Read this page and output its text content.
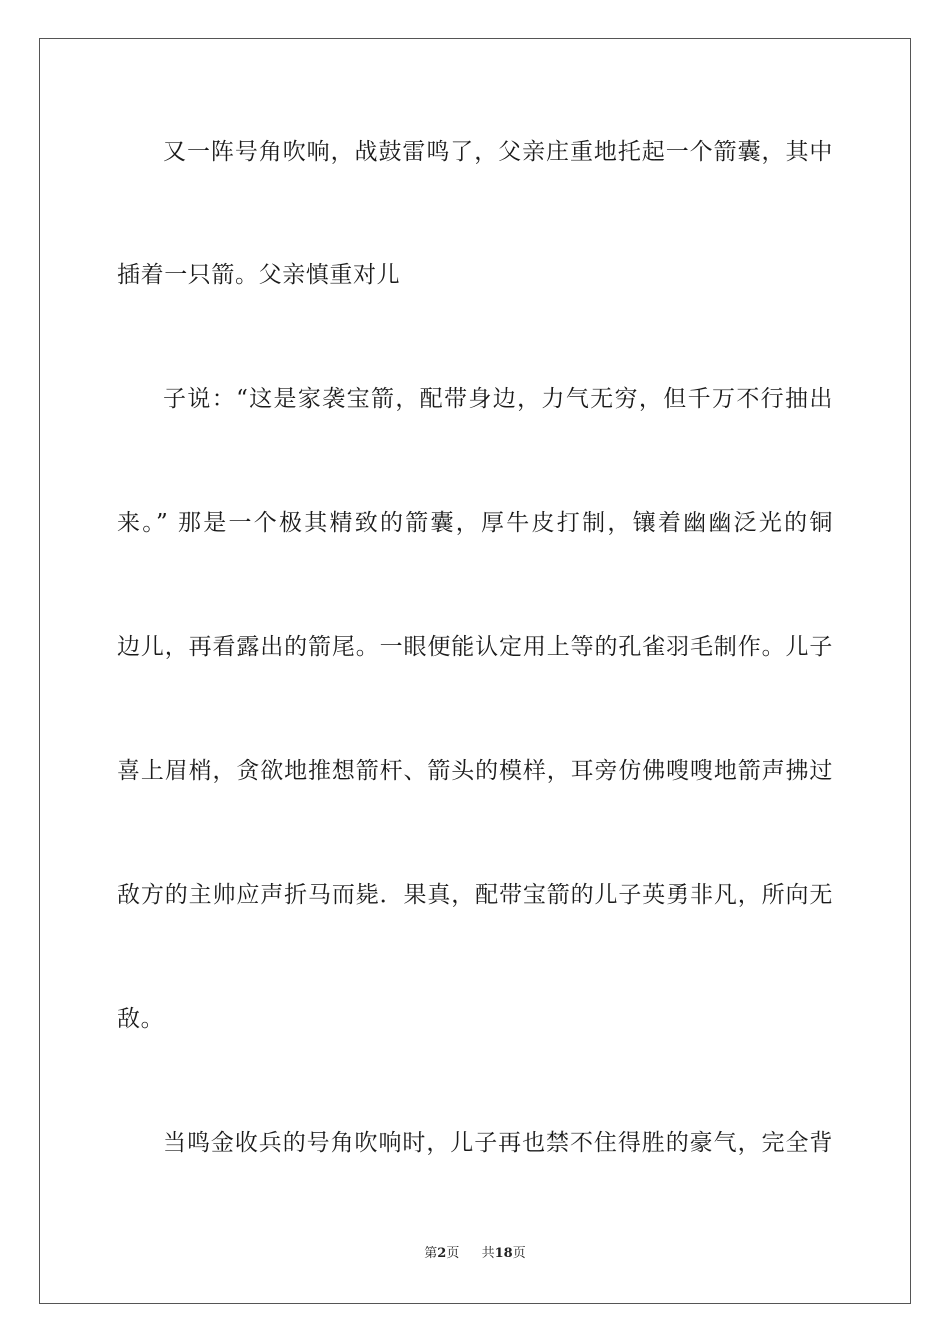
又一阵号角吹响，战鼓雷鸣了，父亲庄重地托起一个箭囊，其中
插着一只箭。父亲慎重对儿
子说：“这是家袭宝箭，配带身边，力气无穷，但千万不行抽出
来。” 那是一个极其精致的箭囊，厚牛皮打制，镶着幽幽泛光的铜
边儿，再看露出的箭尾。一眼便能认定用上等的孔雀羽毛制作。儿子
喜上眉梢，贪欲地推想箭杆、箭头的模样，耳旁仿佛嗖嗖地箭声拂过
敌方的主帅应声折马而毙．果真，配带宝箭的儿子英勇非凡，所向无
敌。
当鸣金收兵的号角吹响时，儿子再也禁不住得胜的豪气，完全背
第2页 共18页
